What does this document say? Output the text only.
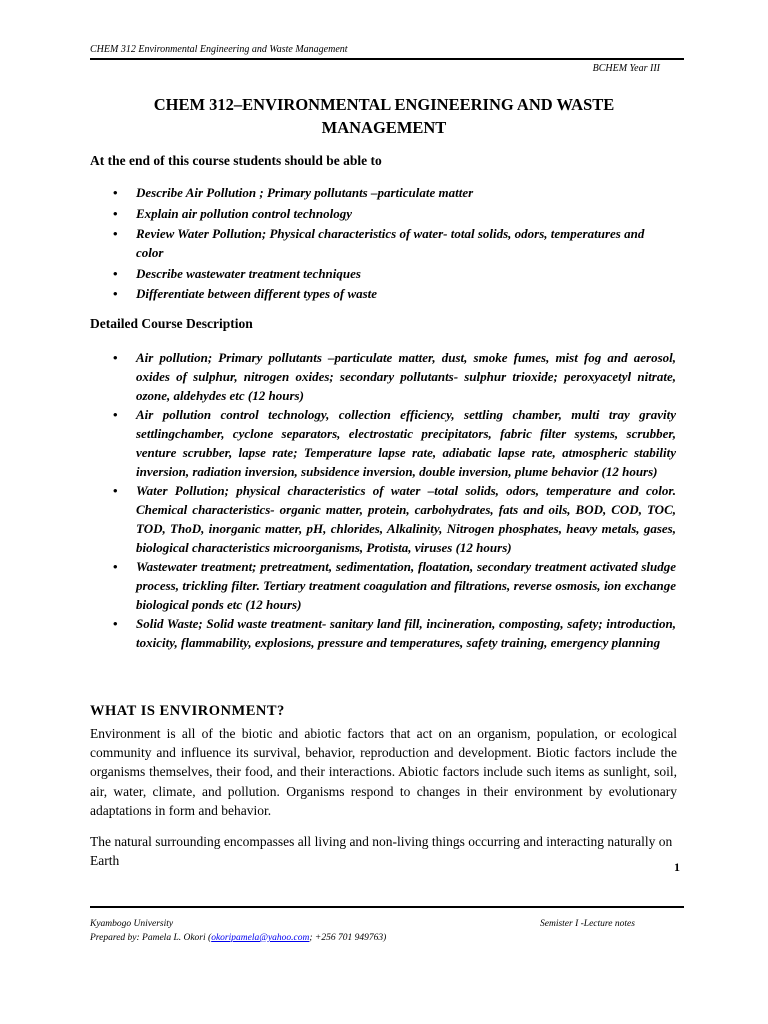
CHEM 312 Environmental Engineering and Waste Management
BCHEM Year III
CHEM 312–ENVIRONMENTAL ENGINEERING AND WASTE MANAGEMENT
At the end of this course students should be able to
• Describe Air Pollution ; Primary pollutants –particulate matter
• Explain air pollution control technology
• Review Water Pollution; Physical characteristics of water- total solids, odors, temperatures and color
• Describe wastewater treatment techniques
• Differentiate between different types of waste
Detailed Course Description
• Air pollution; Primary pollutants –particulate matter, dust, smoke fumes, mist fog and aerosol, oxides of sulphur, nitrogen oxides; secondary pollutants- sulphur trioxide; peroxyacetyl nitrate, ozone, aldehydes etc (12 hours)
• Air pollution control technology, collection efficiency, settling chamber, multi tray gravity settlingchamber, cyclone separators, electrostatic precipitators, fabric filter systems, scrubber, venture scrubber, lapse rate; Temperature lapse rate, adiabatic lapse rate, atmospheric stability inversion, radiation inversion, subsidence inversion, double inversion, plume behavior (12 hours)
• Water Pollution; physical characteristics of water –total solids, odors, temperature and color. Chemical characteristics- organic matter, protein, carbohydrates, fats and oils, BOD, COD, TOC, TOD, ThoD, inorganic matter, pH, chlorides, Alkalinity, Nitrogen phosphates, heavy metals, gases, biological characteristics microorganisms, Protista, viruses (12 hours)
• Wastewater treatment; pretreatment, sedimentation, floatation, secondary treatment activated sludge process, trickling filter. Tertiary treatment coagulation and filtrations, reverse osmosis, ion exchange biological ponds etc (12 hours)
• Solid Waste; Solid waste treatment- sanitary land fill, incineration, composting, safety; introduction, toxicity, flammability, explosions, pressure and temperatures, safety training, emergency planning
WHAT IS ENVIRONMENT?
Environment is all of the biotic and abiotic factors that act on an organism, population, or ecological community and influence its survival, behavior, reproduction and development. Biotic factors include the organisms themselves, their food, and their interactions. Abiotic factors include such items as sunlight, soil, air, water, climate, and pollution. Organisms respond to changes in their environment by evolutionary adaptations in form and behavior.
The natural surrounding encompasses all living and non-living things occurring and interacting naturally on Earth	1
Kyambogo University	Semister I -Lecture notes
Prepared by: Pamela L. Okori (okoripamela@yahoo.com; +256 701 949763)
